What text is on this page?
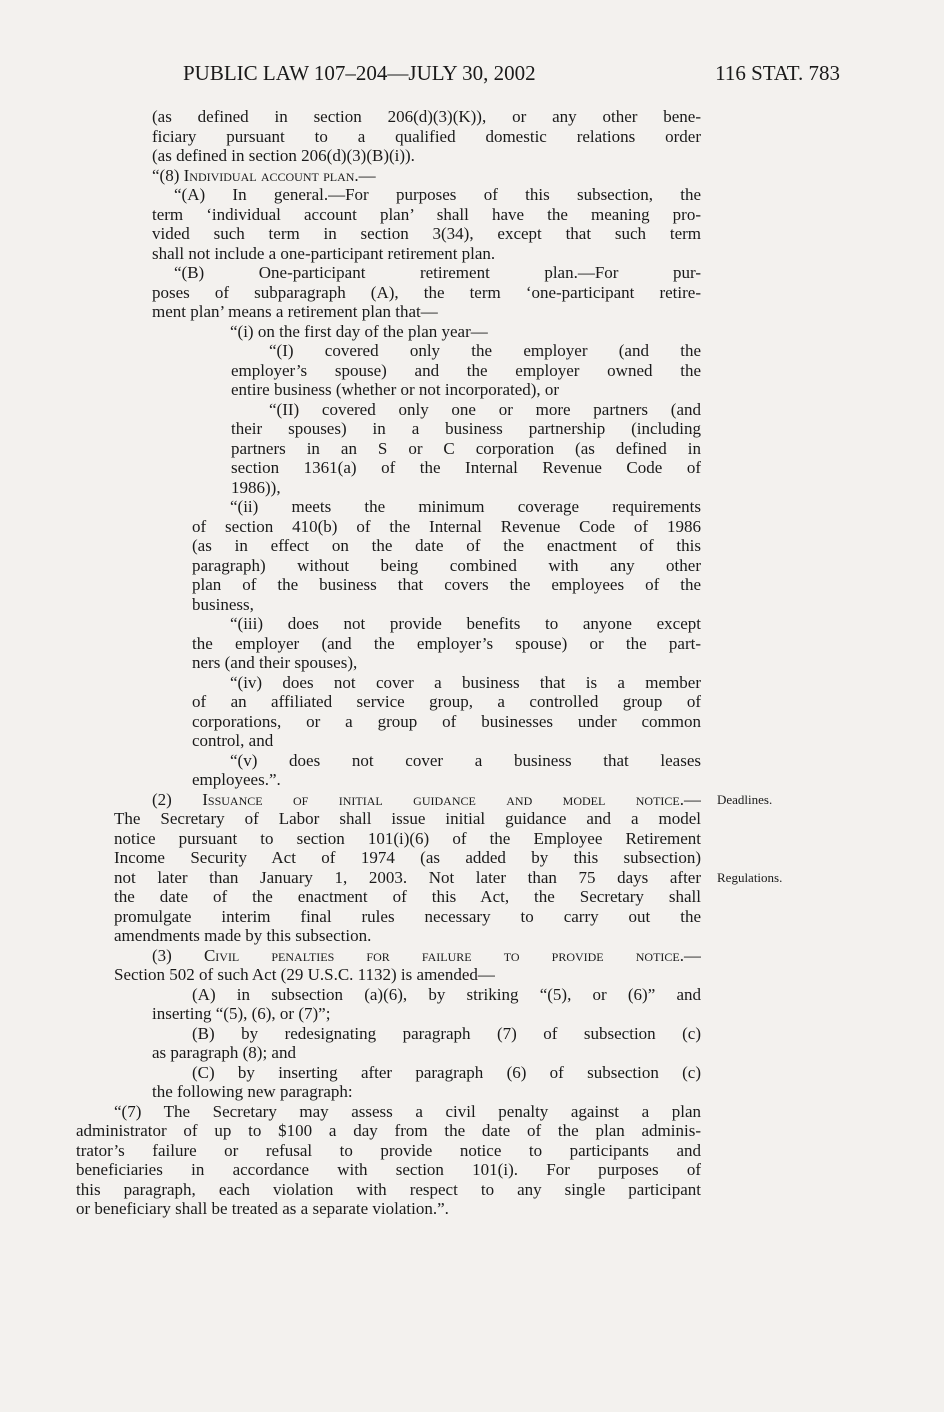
PUBLIC LAW 107–204—JULY 30, 2002	116 STAT. 783
(as defined in section 206(d)(3)(K)), or any other bene-
ficiary pursuant to a qualified domestic relations order
(as defined in section 206(d)(3)(B)(i)).
“(8) Individual account plan.—
“(A) In general.—For purposes of this subsection, the
term ‘individual account plan’ shall have the meaning pro-
vided such term in section 3(34), except that such term
shall not include a one-participant retirement plan.
“(B) One-participant retirement plan.—For pur-
poses of subparagraph (A), the term ‘one-participant retire-
ment plan’ means a retirement plan that—
“(i) on the first day of the plan year—
“(I) covered only the employer (and the
employer’s spouse) and the employer owned the
entire business (whether or not incorporated), or
“(II) covered only one or more partners (and
their spouses) in a business partnership (including
partners in an S or C corporation (as defined in
section 1361(a) of the Internal Revenue Code of
1986)),
“(ii) meets the minimum coverage requirements
of section 410(b) of the Internal Revenue Code of 1986
(as in effect on the date of the enactment of this
paragraph) without being combined with any other
plan of the business that covers the employees of the
business,
“(iii) does not provide benefits to anyone except
the employer (and the employer’s spouse) or the part-
ners (and their spouses),
“(iv) does not cover a business that is a member
of an affiliated service group, a controlled group of
corporations, or a group of businesses under common
control, and
“(v) does not cover a business that leases
employees.”.
(2) Issuance of initial guidance and model notice.—
The Secretary of Labor shall issue initial guidance and a model
notice pursuant to section 101(i)(6) of the Employee Retirement
Income Security Act of 1974 (as added by this subsection)
not later than January 1, 2003. Not later than 75 days after
the date of the enactment of this Act, the Secretary shall
promulgate interim final rules necessary to carry out the
amendments made by this subsection.
(3) Civil penalties for failure to provide notice.—
Section 502 of such Act (29 U.S.C. 1132) is amended—
(A) in subsection (a)(6), by striking “(5), or (6)” and
inserting “(5), (6), or (7)”;
(B) by redesignating paragraph (7) of subsection (c)
as paragraph (8); and
(C) by inserting after paragraph (6) of subsection (c)
the following new paragraph:
“(7) The Secretary may assess a civil penalty against a plan
administrator of up to $100 a day from the date of the plan adminis-
trator’s failure or refusal to provide notice to participants and
beneficiaries in accordance with section 101(i). For purposes of
this paragraph, each violation with respect to any single participant
or beneficiary shall be treated as a separate violation.”.
Deadlines.
Regulations.
